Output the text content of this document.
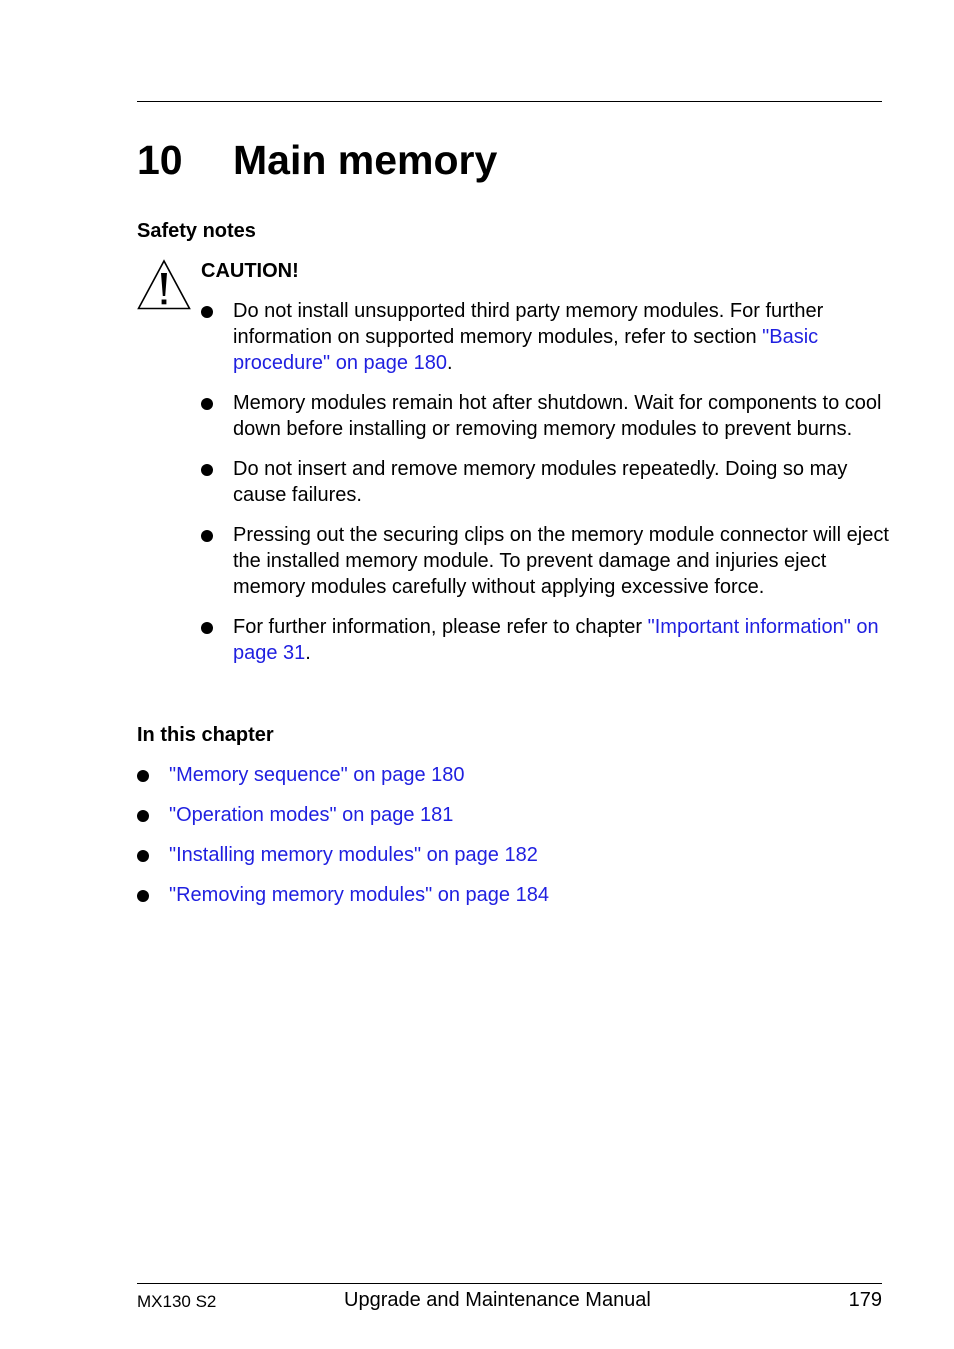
10 Main memory
Safety notes
CAUTION!
Do not install unsupported third party memory modules. For further information on supported memory modules, refer to section "Basic procedure" on page 180.
Memory modules remain hot after shutdown. Wait for components to cool down before installing or removing memory modules to prevent burns.
Do not insert and remove memory modules repeatedly. Doing so may cause failures.
Pressing out the securing clips on the memory module connector will eject the installed memory module. To prevent damage and injuries eject memory modules carefully without applying excessive force.
For further information, please refer to chapter "Important information" on page 31.
In this chapter
"Memory sequence" on page 180
"Operation modes" on page 181
"Installing memory modules" on page 182
"Removing memory modules" on page 184
MX130 S2	Upgrade and Maintenance Manual	179
